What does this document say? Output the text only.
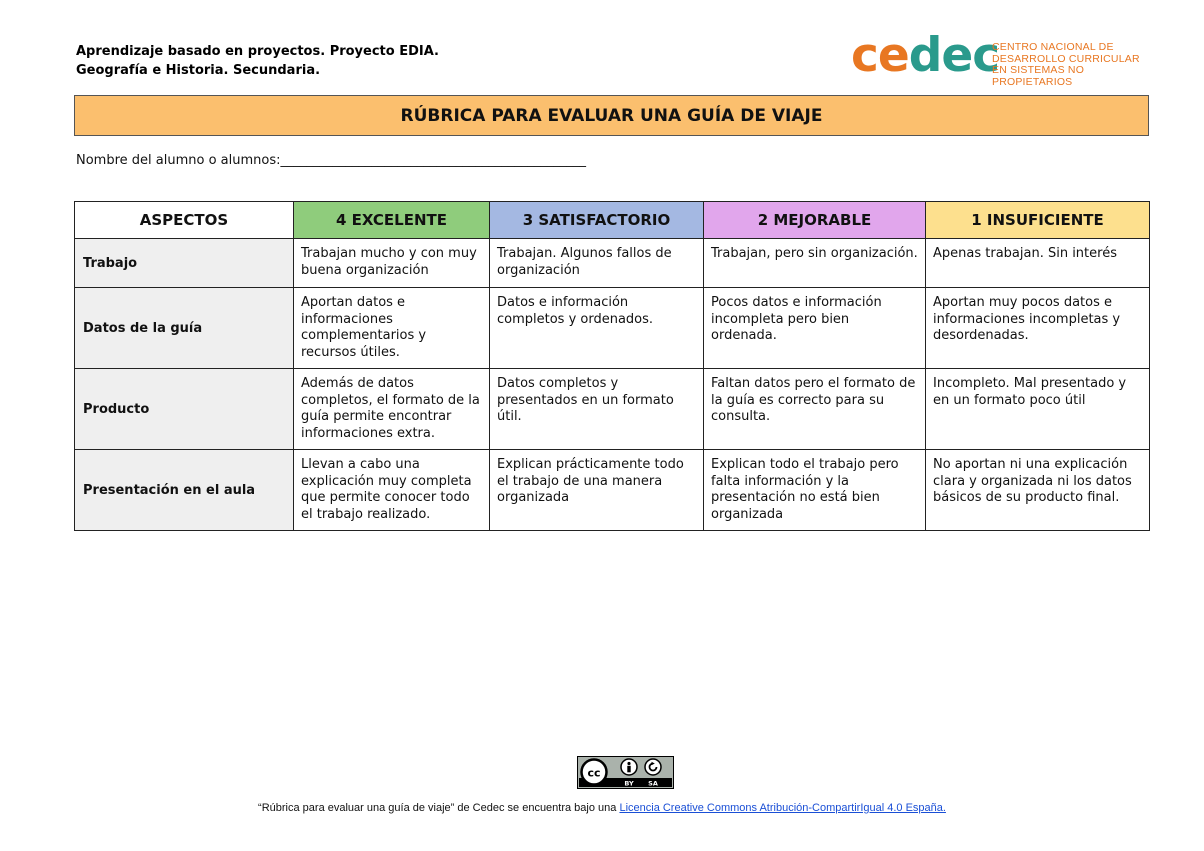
Aprendizaje basado en proyectos. Proyecto EDIA.
Geografía e Historia. Secundaria.	cedec
CENTRO NACIONAL DE
DESARROLLO CURRICULAR
EN SISTEMAS NO PROPIETARIOS
RÚBRICA PARA EVALUAR UNA GUÍA DE VIAJE
Nombre del alumno o alumnos:_______________________________________________
ASPECTOS	4 EXCELENTE	3 SATISFACTORIO	2 MEJORABLE	1 INSUFICIENTE
Trabajo	Trabajan mucho y con muy buena organización	Trabajan. Algunos fallos de organización	Trabajan, pero sin organización.	Apenas trabajan. Sin interés
Datos de la guía	Aportan datos e informaciones complementarios y recursos útiles.	Datos e información completos y ordenados.	Pocos datos e información incompleta pero bien ordenada.	Aportan muy pocos datos e informaciones incompletas y desordenadas.
Producto	Además de datos completos, el formato de la guía permite encontrar informaciones extra.	Datos completos y presentados en un formato útil.	Faltan datos pero el formato de la guía es correcto para su consulta.	Incompleto. Mal presentado y en un formato poco útil
Presentación en el aula	Llevan a cabo una explicación muy completa que permite conocer todo el trabajo realizado.	Explican prácticamente todo el trabajo de una manera organizada	Explican todo el trabajo pero falta información y la presentación no está bien organizada	No aportan ni una explicación clara y organizada ni los datos básicos de su producto final.
cc
BY SA
“Rúbrica para evaluar una guía de viaje” de Cedec se encuentra bajo una Licencia Creative Commons Atribución-CompartirIgual 4.0 España.
